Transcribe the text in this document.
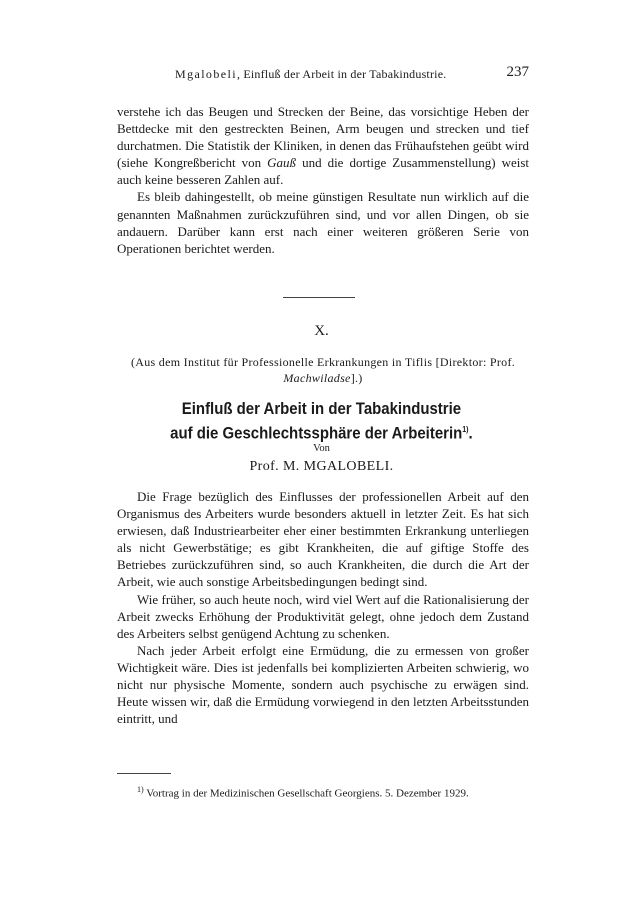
Mgalobeli, Einfluß der Arbeit in der Tabakindustrie.	237

verstehe ich das Beugen und Strecken der Beine, das vorsichtige Heben der Bettdecke mit den gestreckten Beinen, Arm beugen und strecken und tief durchatmen. Die Statistik der Kliniken, in denen das Frühaufstehen geübt wird (siehe Kongreßbericht von Gauß und die dortige Zusammenstellung) weist auch keine besseren Zahlen auf.

Es bleib dahingestellt, ob meine günstigen Resultate nun wirklich auf die genannten Maßnahmen zurückzuführen sind, und vor allen Dingen, ob sie andauern. Darüber kann erst nach einer weiteren größeren Serie von Operationen berichtet werden.

X.
(Aus dem Institut für Professionelle Erkrankungen in Tiflis [Direktor: Prof. Machwiladse].)
Einfluß der Arbeit in der Tabakindustrie
auf die Geschlechtssphäre der Arbeiterin$^{1)}$.
Von
Prof. M. MGALOBELI.

Die Frage bezüglich des Einflusses der professionellen Arbeit auf den Organismus des Arbeiters wurde besonders aktuell in letzter Zeit. Es hat sich erwiesen, daß Industriearbeiter eher einer bestimmten Erkrankung unterliegen als nicht Gewerbstätige; es gibt Krankheiten, die auf giftige Stoffe des Betriebes zurückzuführen sind, so auch Krankheiten, die durch die Art der Arbeit, wie auch sonstige Arbeitsbedingungen bedingt sind.

Wie früher, so auch heute noch, wird viel Wert auf die Rationalisierung der Arbeit zwecks Erhöhung der Produktivität gelegt, ohne jedoch dem Zustand des Arbeiters selbst genügend Achtung zu schenken.

Nach jeder Arbeit erfolgt eine Ermüdung, die zu ermessen von großer Wichtigkeit wäre. Dies ist jedenfalls bei komplizierten Arbeiten schwierig, wo nicht nur physische Momente, sondern auch psychische zu erwägen sind. Heute wissen wir, daß die Ermüdung vorwiegend in den letzten Arbeitsstunden eintritt, und

$^{1)}$ Vortrag in der Medizinischen Gesellschaft Georgiens. 5. Dezember 1929.
